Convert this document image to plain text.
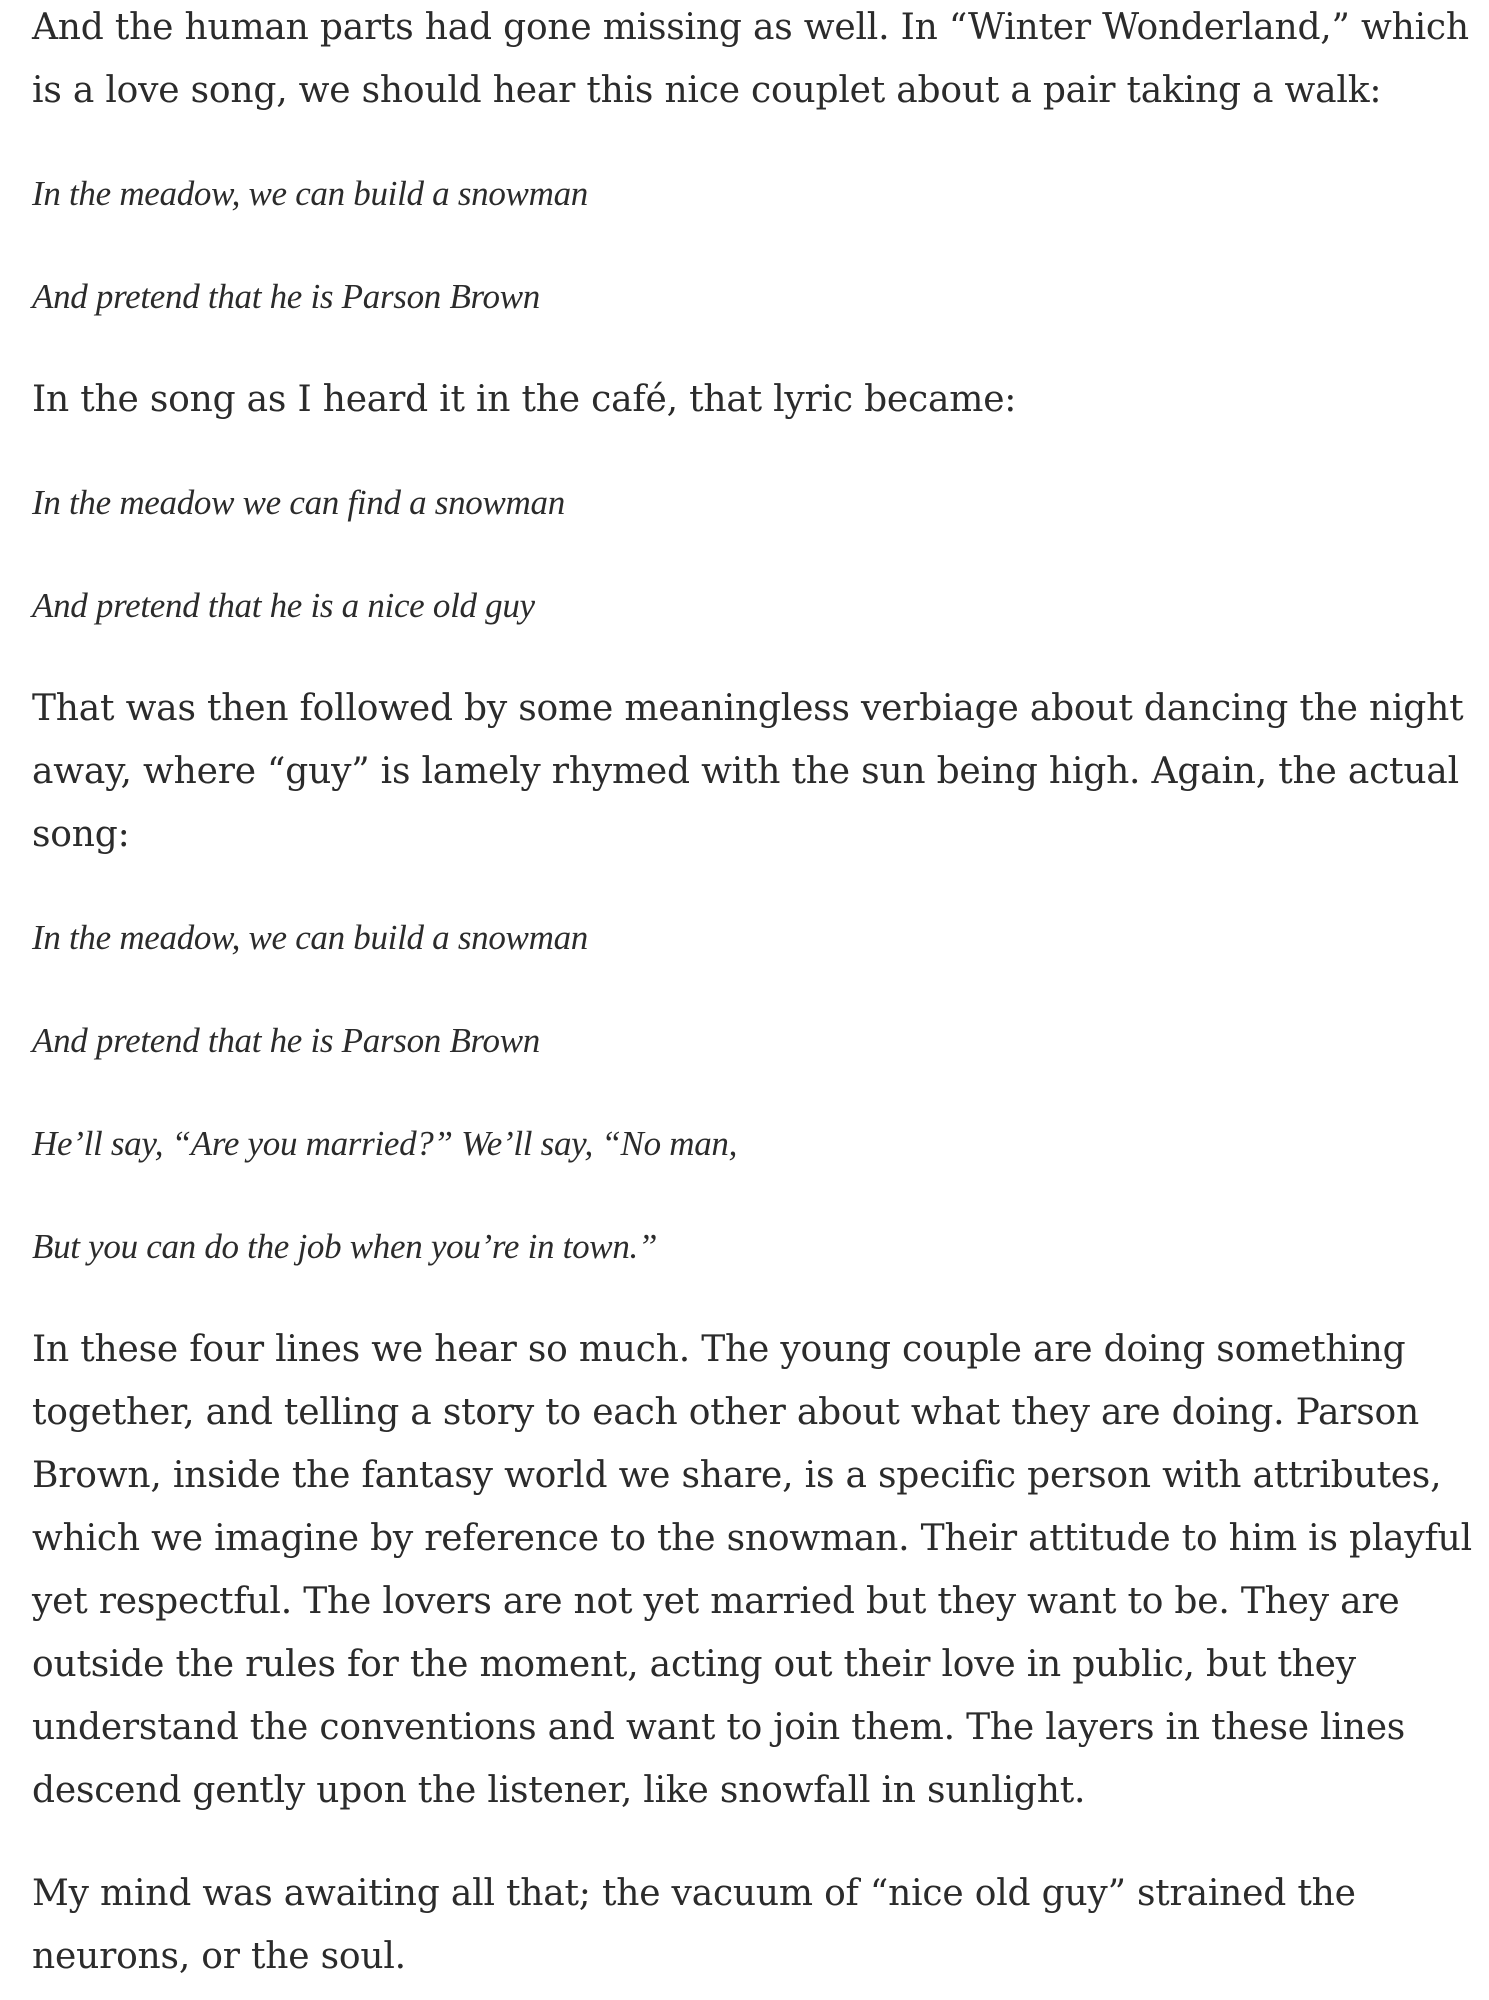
And the human parts had gone missing as well. In “Winter Wonderland,” which is a love song, we should hear this nice couplet about a pair taking a walk:

In the meadow, we can build a snowman

And pretend that he is Parson Brown

In the song as I heard it in the café, that lyric became:

In the meadow we can find a snowman

And pretend that he is a nice old guy

That was then followed by some meaningless verbiage about dancing the night away, where “guy” is lamely rhymed with the sun being high. Again, the actual song:

In the meadow, we can build a snowman

And pretend that he is Parson Brown

He’ll say, “Are you married?” We’ll say, “No man,

But you can do the job when you’re in town.”

In these four lines we hear so much. The young couple are doing something together, and telling a story to each other about what they are doing. Parson Brown, inside the fantasy world we share, is a specific person with attributes, which we imagine by reference to the snowman. Their attitude to him is playful yet respectful. The lovers are not yet married but they want to be. They are outside the rules for the moment, acting out their love in public, but they understand the conventions and want to join them. The layers in these lines descend gently upon the listener, like snowfall in sunlight.

My mind was awaiting all that; the vacuum of “nice old guy” strained the neurons, or the soul.
